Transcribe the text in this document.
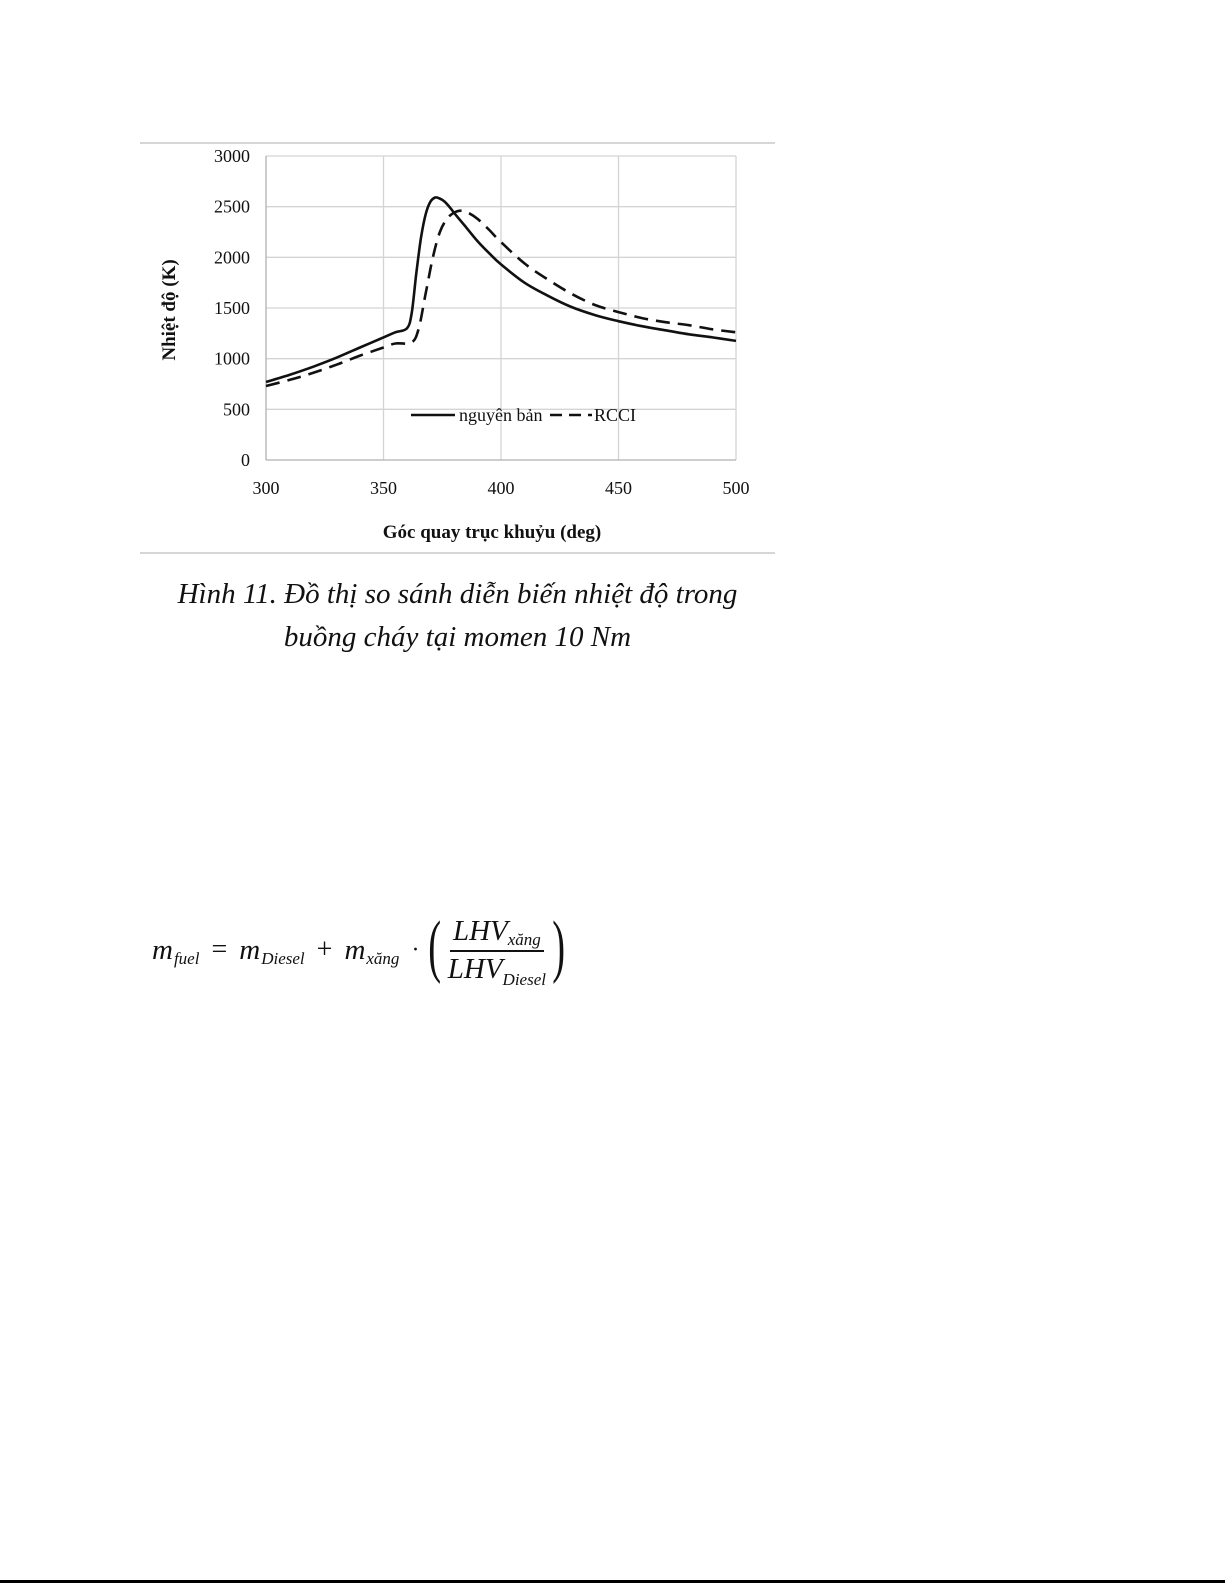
0
500
1000
1500
2000
2500
3000
300	350	400	450	500
Góc quay trục khuỷu (deg)
Nhiệt độ (K)
nguyên bản	RCCI
Hình 11. Đồ thị so sánh diễn biến nhiệt độ trong
buồng cháy tại momen 10 Nm
m fuel = m Diesel + m xăng · ( $\frac{\text{LHV xăng}}{\text{LHV Diesel}}$ )
